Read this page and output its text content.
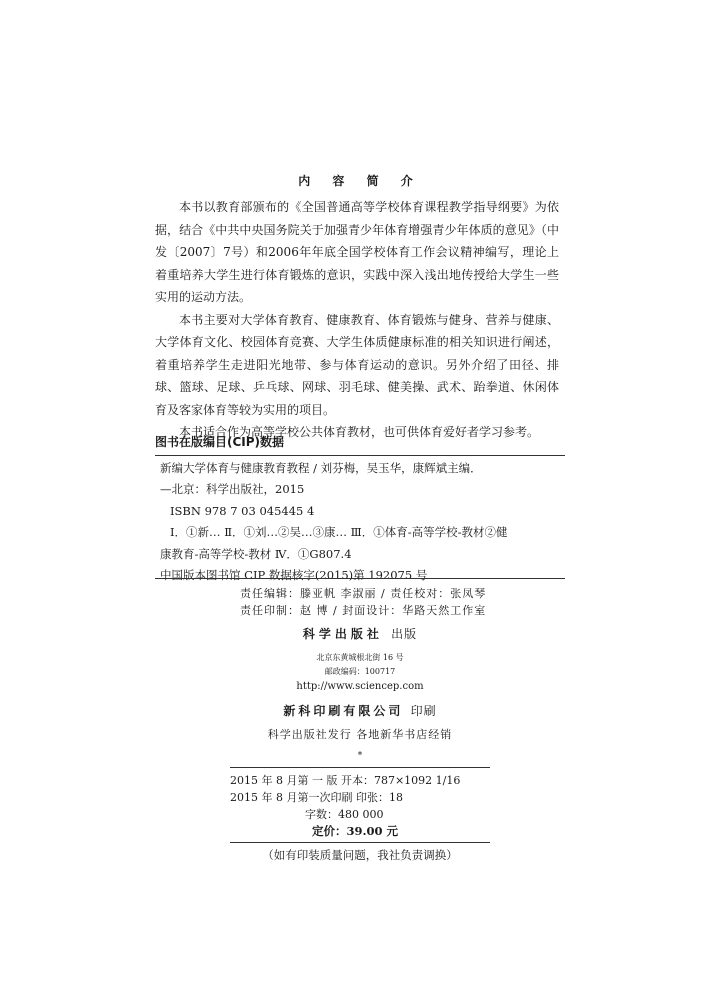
内 容 简 介

本书以教育部颁布的《全国普通高等学校体育课程教学指导纲要》为依据，结合《中共中央国务院关于加强青少年体育增强青少年体质的意见》（中发〔2007〕7号）和2006年年底全国学校体育工作会议精神编写，理论上着重培养大学生进行体育锻炼的意识，实践中深入浅出地传授给大学生一些实用的运动方法。

本书主要对大学体育教育、健康教育、体育锻炼与健身、营养与健康、大学体育文化、校园体育竞赛、大学生体质健康标准的相关知识进行阐述，着重培养学生走进阳光地带、参与体育运动的意识。另外介绍了田径、排球、篮球、足球、乒乓球、网球、羽毛球、健美操、武术、跆拳道、休闲体育及客家体育等较为实用的项目。

本书适合作为高等学校公共体育教材，也可供体育爱好者学习参考。

图书在版编目(CIP)数据
新编大学体育与健康教育教程 / 刘芬梅，吴玉华，康辉斌主编．
—北京：科学出版社，2015
ISBN 978 7 03 045445 4
Ⅰ．①新… Ⅱ．①刘…②吴…③康… Ⅲ．①体育-高等学校-教材②健
康教育-高等学校-教材 Ⅳ．①G807.4
中国版本图书馆 CIP 数据核字(2015)第 192075 号
责任编辑：滕亚帆 李淑丽 / 责任校对：张凤琴
责任印制：赵 博 / 封面设计：华路天然工作室
科学出版社 出版
北京东黄城根北街 16 号
邮政编码：100717
http://www.sciencep.com
新科印刷有限公司 印刷
科学出版社发行 各地新华书店经销
*
2015 年 8 月第 一 版 开本：787×1092 1/16
2015 年 8 月第一次印刷 印张：18
字数：480 000
定价：39.00 元
（如有印装质量问题，我社负责调换）
